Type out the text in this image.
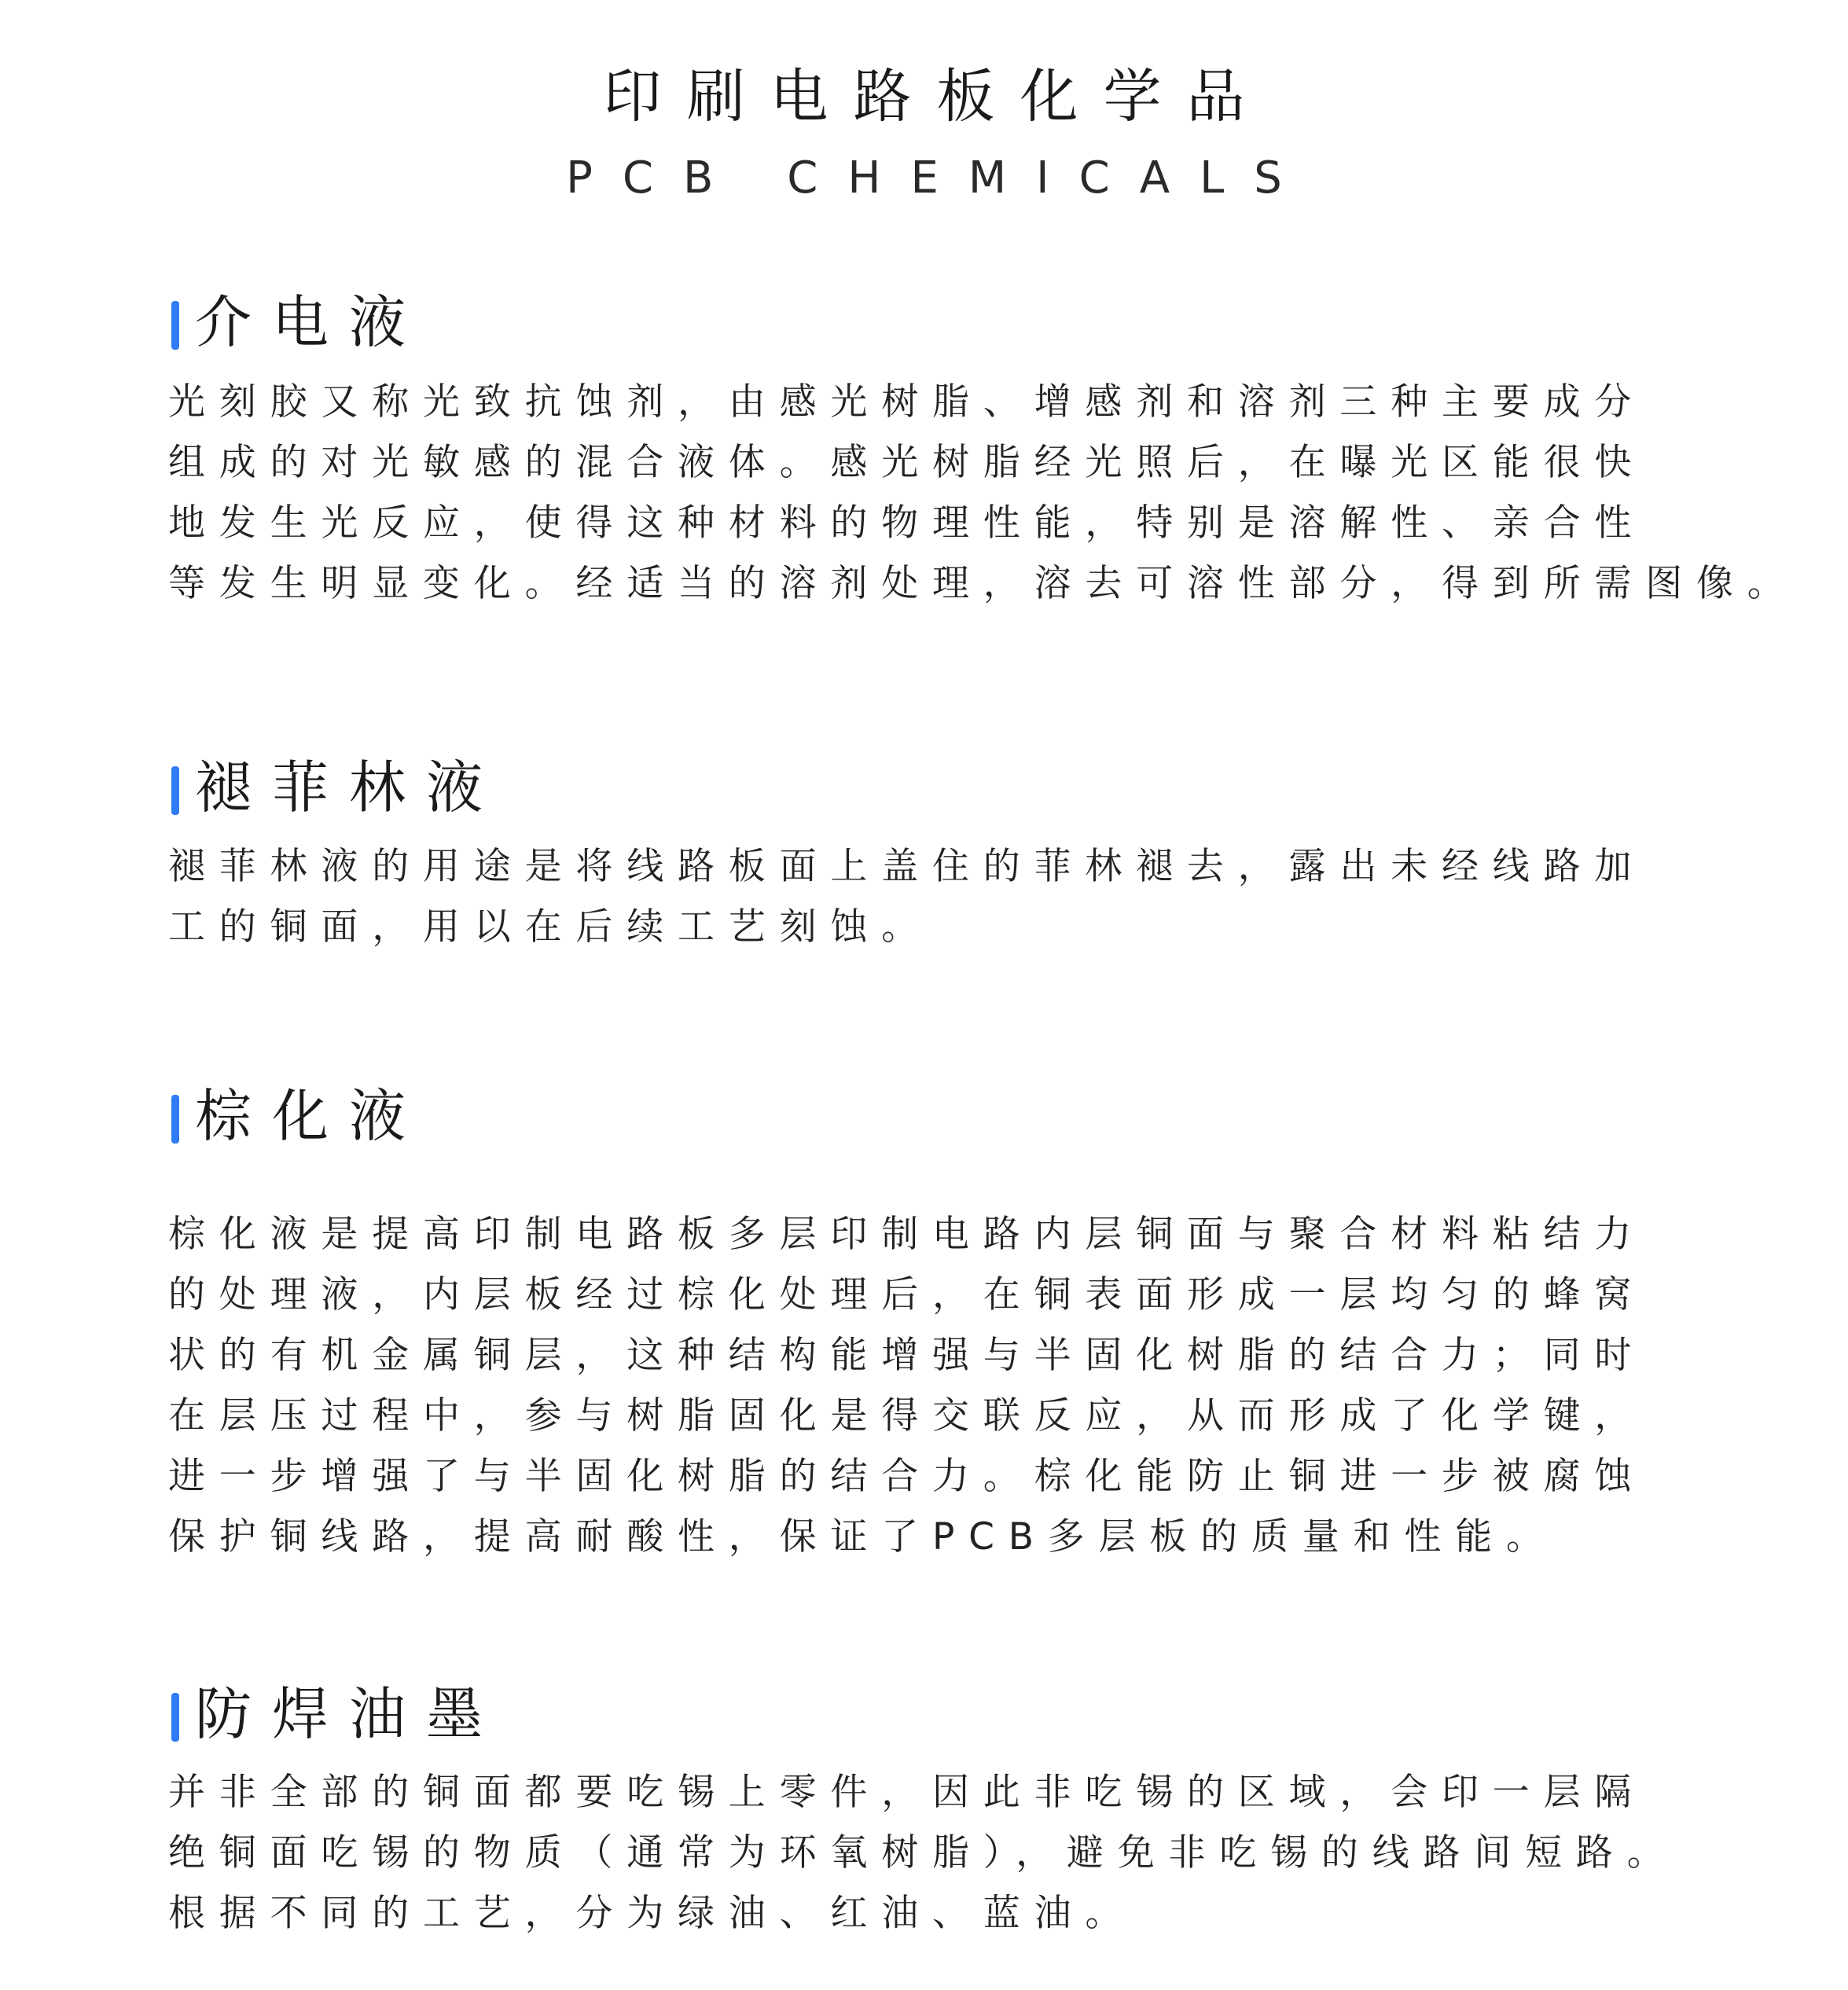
印刷电路板化学品
PCB CHEMICALS
介电液

光刻胶又称光致抗蚀剂，由感光树脂、增感剂和溶剂三种主要成分
组成的对光敏感的混合液体。感光树脂经光照后，在曝光区能很快
地发生光反应，使得这种材料的物理性能，特别是溶解性、亲合性
等发生明显变化。经适当的溶剂处理，溶去可溶性部分，得到所需图像。

褪菲林液

褪菲林液的用途是将线路板面上盖住的菲林褪去，露出未经线路加
工的铜面，用以在后续工艺刻蚀。

棕化液

棕化液是提高印制电路板多层印制电路内层铜面与聚合材料粘结力
的处理液，内层板经过棕化处理后，在铜表面形成一层均匀的蜂窝
状的有机金属铜层，这种结构能增强与半固化树脂的结合力；同时
在层压过程中，参与树脂固化是得交联反应，从而形成了化学键，
进一步增强了与半固化树脂的结合力。棕化能防止铜进一步被腐蚀
保护铜线路，提高耐酸性，保证了PCB多层板的质量和性能。

防焊油墨

并非全部的铜面都要吃锡上零件，因此非吃锡的区域，会印一层隔
绝铜面吃锡的物质（通常为环氧树脂），避免非吃锡的线路间短路。
根据不同的工艺，分为绿油、红油、蓝油。
